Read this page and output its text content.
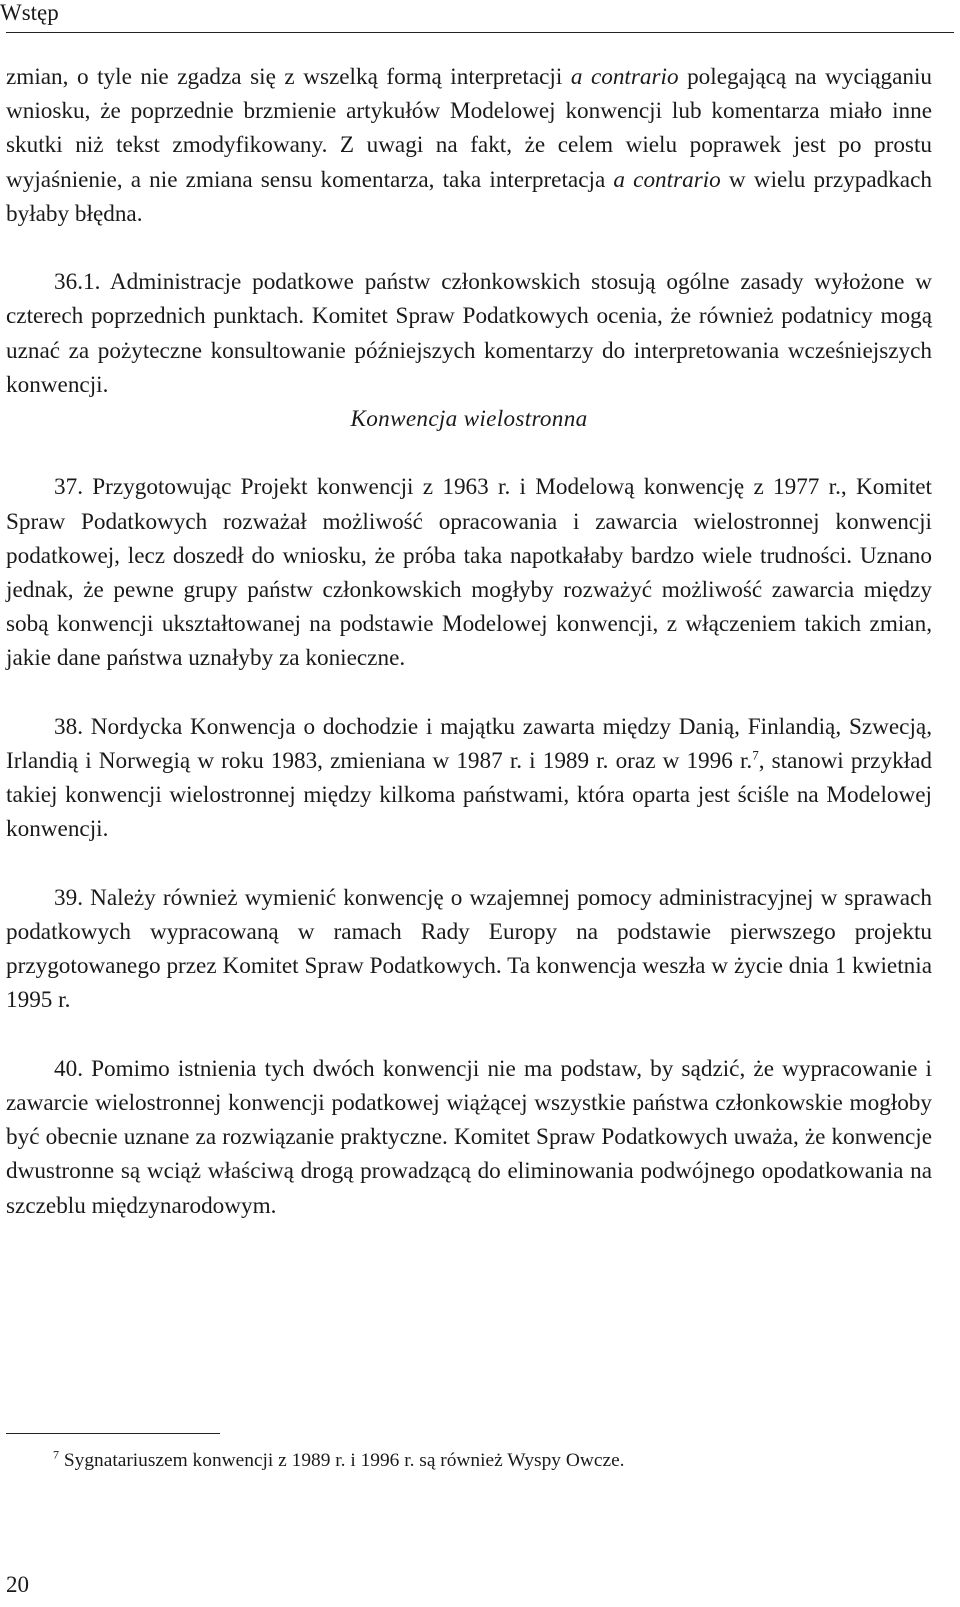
Wstęp

zmian, o tyle nie zgadza się z wszelką formą interpretacji a contrario polegającą na wyciąganiu wniosku, że poprzednie brzmienie artykułów Modelowej konwencji lub komentarza miało inne skutki niż tekst zmodyfikowany. Z uwagi na fakt, że celem wielu poprawek jest po prostu wyjaśnienie, a nie zmiana sensu komentarza, taka interpretacja a contrario w wielu przypadkach byłaby błędna.

36.1. Administracje podatkowe państw członkowskich stosują ogólne zasady wyłożone w czterech poprzednich punktach. Komitet Spraw Podatkowych ocenia, że również podatnicy mogą uznać za pożyteczne konsultowanie późniejszych komentarzy do interpretowania wcześniejszych konwencji.

Konwencja wielostronna

37. Przygotowując Projekt konwencji z 1963 r. i Modelową konwencję z 1977 r., Komitet Spraw Podatkowych rozważał możliwość opracowania i zawarcia wielostronnej konwencji podatkowej, lecz doszedł do wniosku, że próba taka napotkałaby bardzo wiele trudności. Uznano jednak, że pewne grupy państw członkowskich mogłyby rozważyć możliwość zawarcia między sobą konwencji ukształtowanej na podstawie Modelowej konwencji, z włączeniem takich zmian, jakie dane państwa uznałyby za konieczne.

38. Nordycka Konwencja o dochodzie i majątku zawarta między Danią, Finlandią, Szwecją, Irlandią i Norwegią w roku 1983, zmieniana w 1987 r. i 1989 r. oraz w 1996 r.$^7$, stanowi przykład takiej konwencji wielostronnej między kilkoma państwami, która oparta jest ściśle na Modelowej konwencji.

39. Należy również wymienić konwencję o wzajemnej pomocy administracyjnej w sprawach podatkowych wypracowaną w ramach Rady Europy na podstawie pierwszego projektu przygotowanego przez Komitet Spraw Podatkowych. Ta konwencja weszła w życie dnia 1 kwietnia 1995 r.

40. Pomimo istnienia tych dwóch konwencji nie ma podstaw, by sądzić, że wypracowanie i zawarcie wielostronnej konwencji podatkowej wiążącej wszystkie państwa członkowskie mogłoby być obecnie uznane za rozwiązanie praktyczne. Komitet Spraw Podatkowych uważa, że konwencje dwustronne są wciąż właściwą drogą prowadzącą do eliminowania podwójnego opodatkowania na szczeblu międzynarodowym.

$^7$ Sygnatariuszem konwencji z 1989 r. i 1996 r. są również Wyspy Owcze.
20
